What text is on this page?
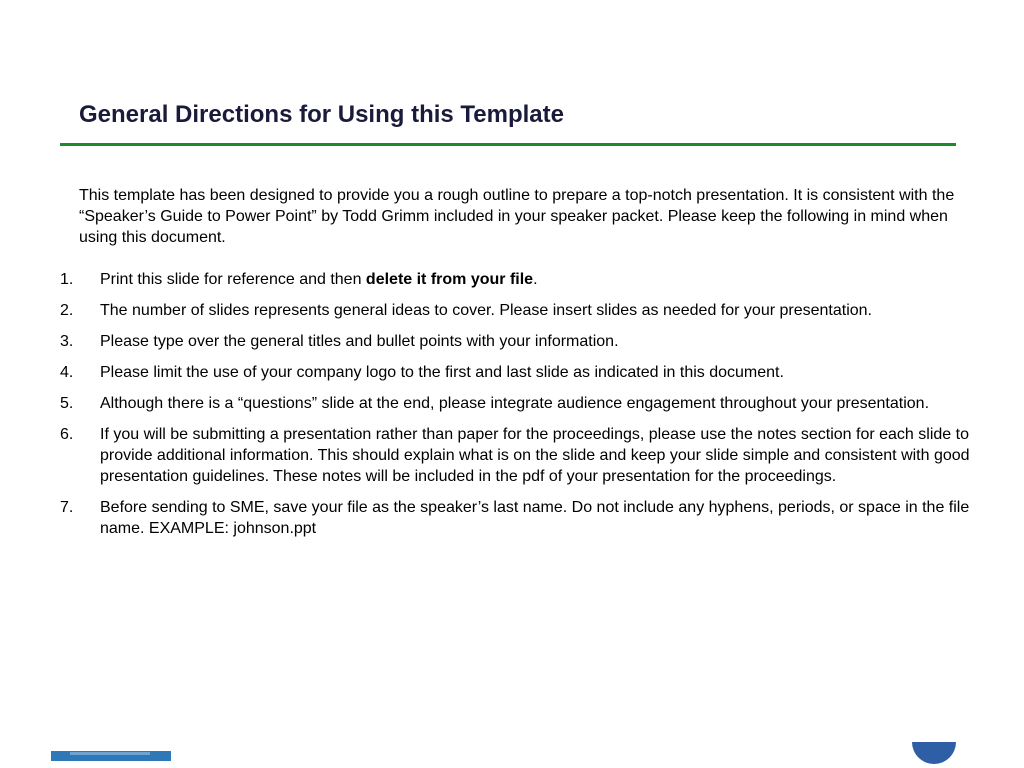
General Directions for Using this Template

This template has been designed to provide you a rough outline to prepare a top-notch presentation. It is consistent with the “Speaker’s Guide to Power Point” by Todd Grimm included in your speaker packet. Please keep the following in mind when using this document.

1.	Print this slide for reference and then delete it from your file.
2.	The number of slides represents general ideas to cover. Please insert slides as needed for your presentation.
3.	Please type over the general titles and bullet points with your information.
4.	Please limit the use of your company logo to the first and last slide as indicated in this document.
5.	Although there is a “questions” slide at the end, please integrate audience engagement throughout your presentation.
6.	If you will be submitting a presentation rather than paper for the proceedings, please use the notes section for each slide to provide additional information. This should explain what is on the slide and keep your slide simple and consistent with good presentation guidelines. These notes will be included in the pdf of your presentation for the proceedings.
7.	Before sending to SME, save your file as the speaker’s last name. Do not include any hyphens, periods, or space in the file name. EXAMPLE: johnson.ppt
